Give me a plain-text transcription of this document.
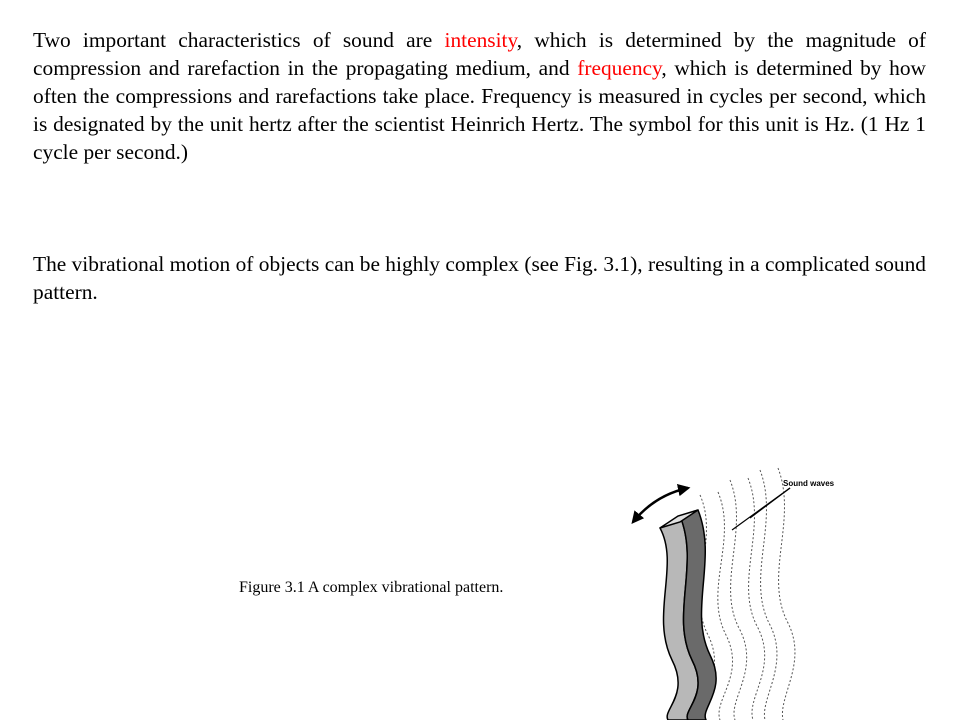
Two important characteristics of sound are intensity, which is determined by the magnitude of compression and rarefaction in the propagating medium, and frequency, which is determined by how often the compressions and rarefactions take place. Frequency is measured in cycles per second, which is designated by the unit hertz after the scientist Heinrich Hertz. The symbol for this unit is Hz. (1 Hz 1 cycle per second.)

The vibrational motion of objects can be highly complex (see Fig. 3.1), resulting in a complicated sound pattern.

Figure 3.1 A complex vibrational pattern.
Sound waves
